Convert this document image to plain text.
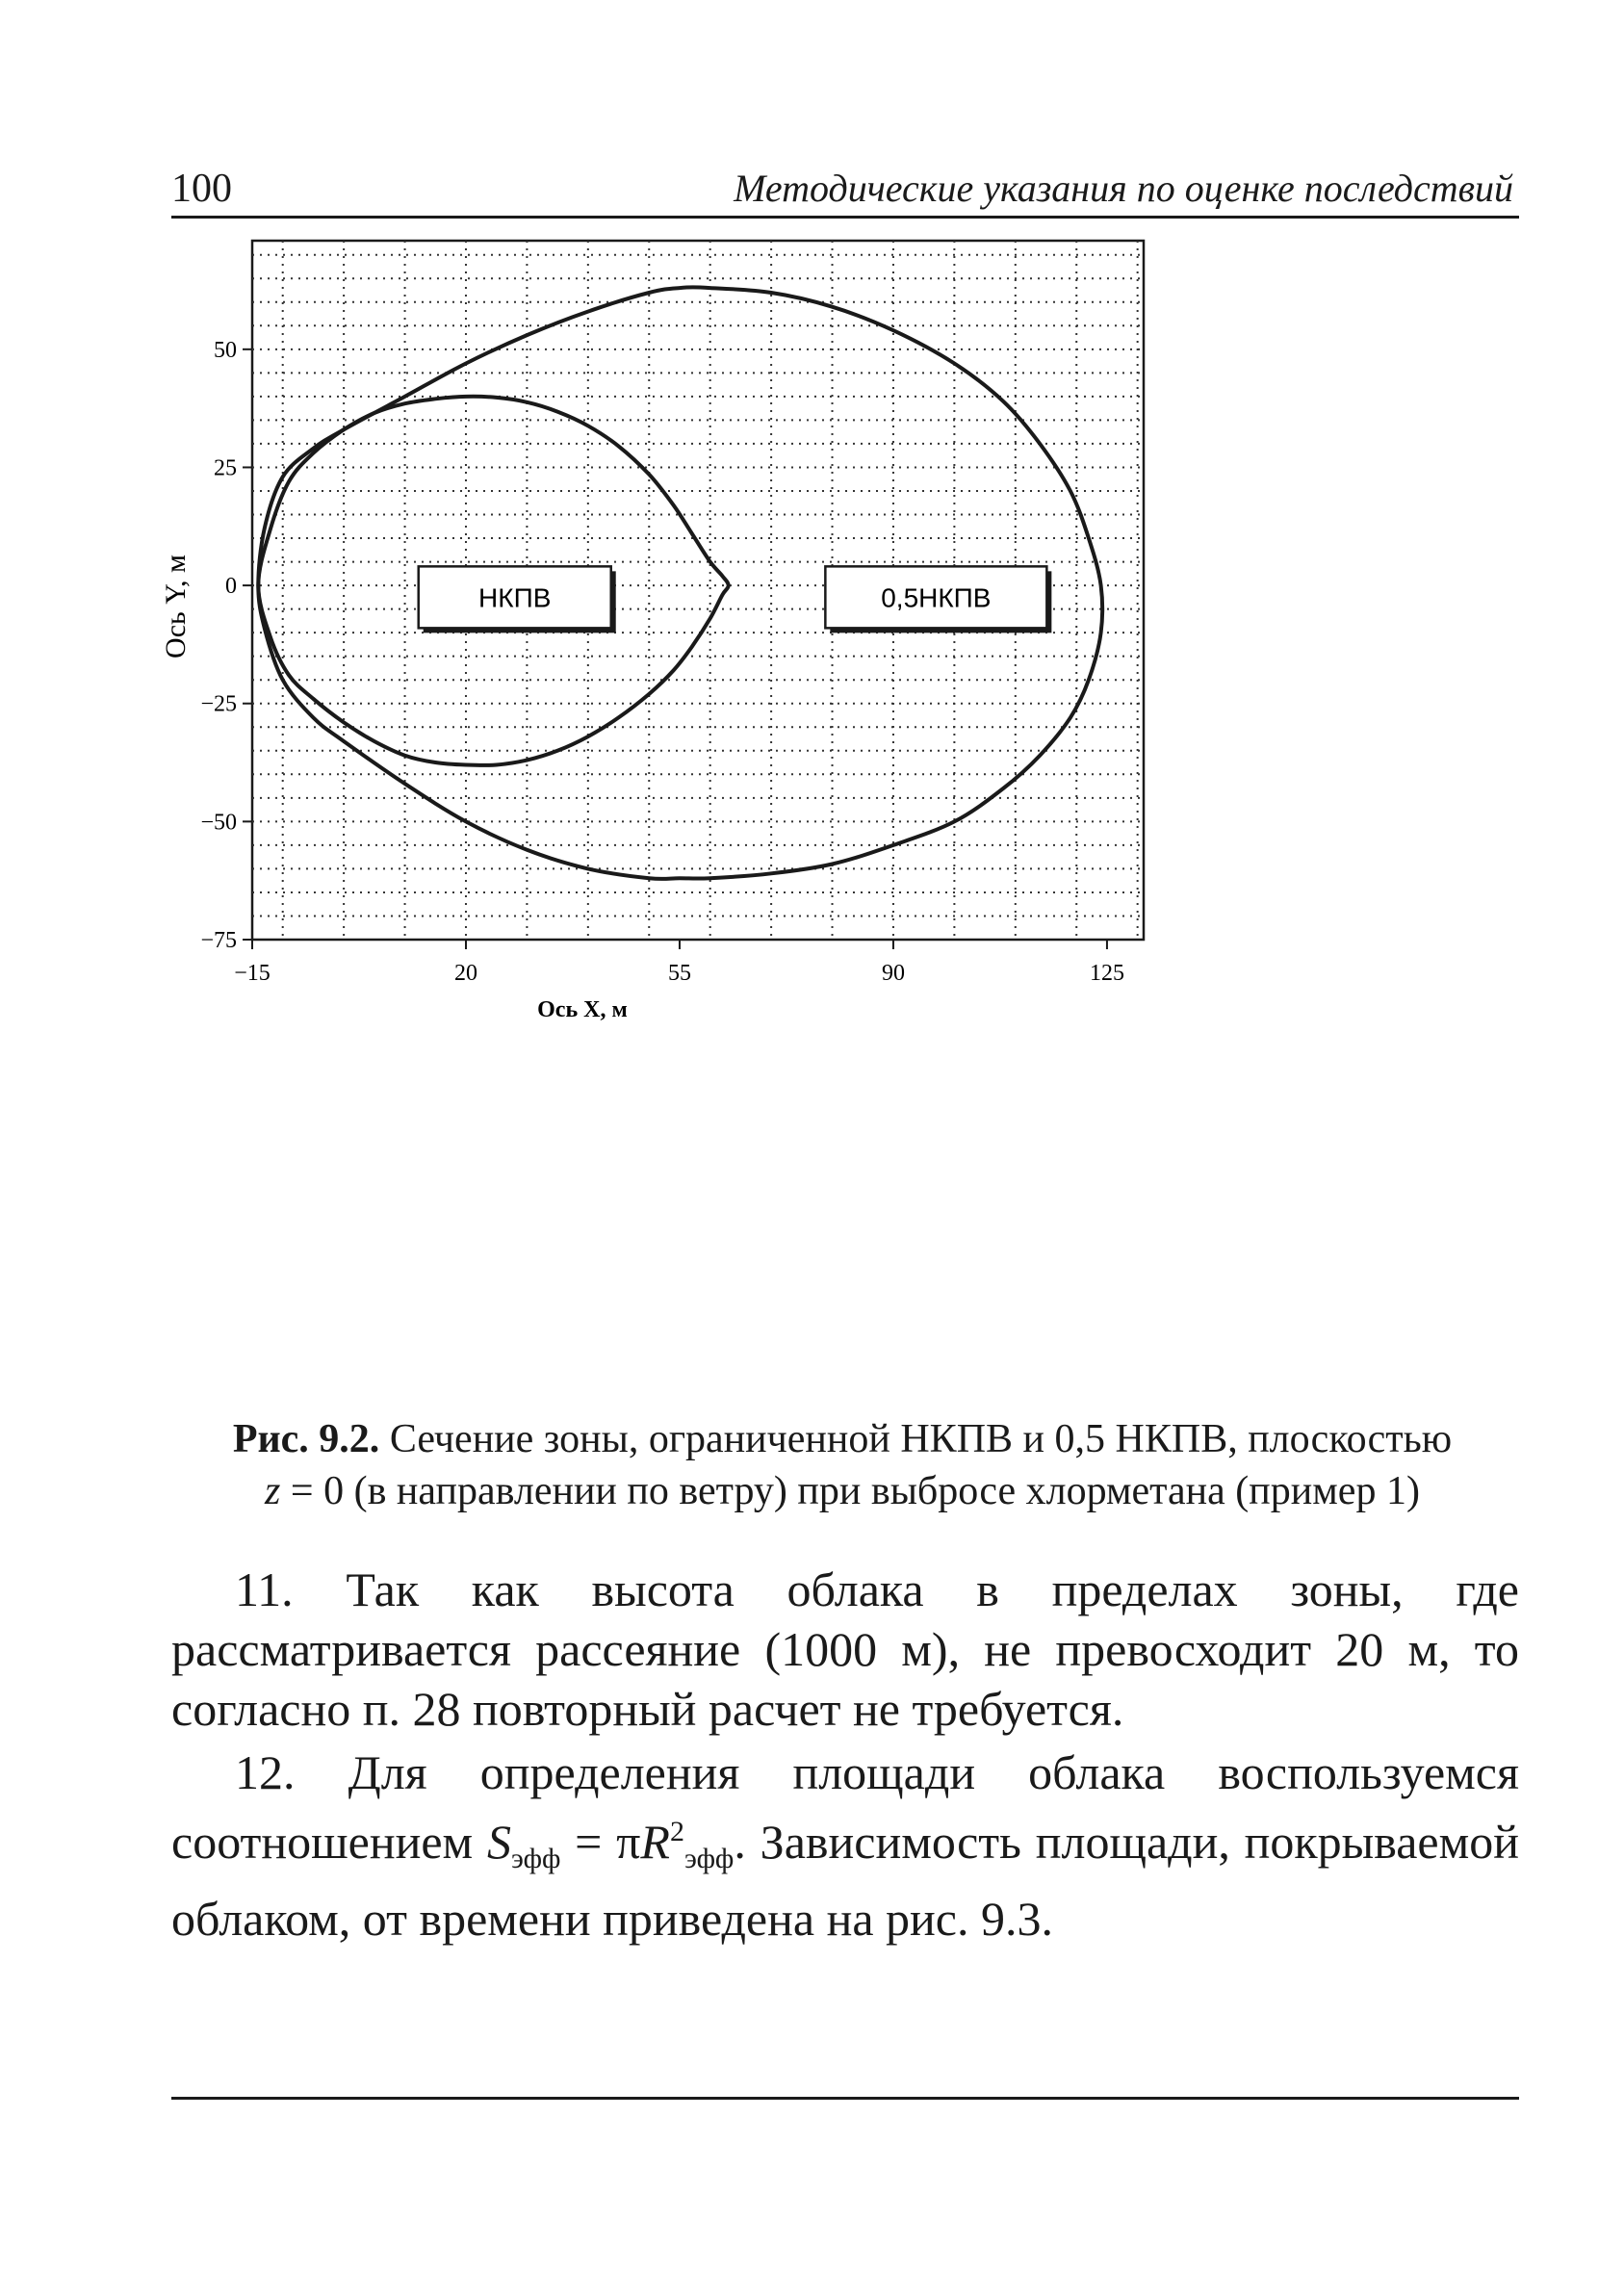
100	Методические указания по оценке последствий
НКПВ	0,5НКПВ
−15	20	55	90	125
50
25
0
−25
−50
−75
Ось X, м
Ось Y, м
Рис. 9.2. Сечение зоны, ограниченной НКПВ и 0,5 НКПВ, плоскостью
z = 0 (в направлении по ветру) при выбросе хлорметана (пример 1)

11. Так как высота облака в пределах зоны, где рассматривается рассеяние (1000 м), не превосходит 20 м, то согласно п. 28 повторный расчет не требуется.

12. Для определения площади облака воспользуемся соотношением $S_{эфф} = \pi R^2_{эфф}$. Зависимость площади, покрываемой облаком, от времени приведена на рис. 9.3.
